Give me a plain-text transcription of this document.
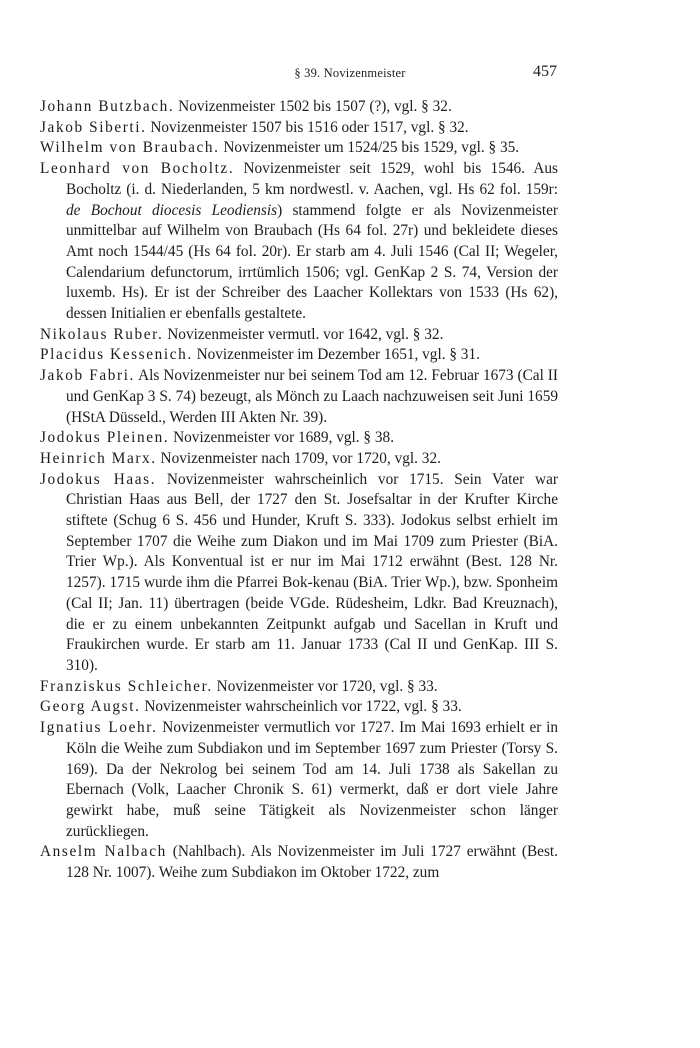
§ 39. Novizenmeister	457

Johann Butzbach. Novizenmeister 1502 bis 1507 (?), vgl. § 32.

Jakob Siberti. Novizenmeister 1507 bis 1516 oder 1517, vgl. § 32.

Wilhelm von Braubach. Novizenmeister um 1524/25 bis 1529, vgl. § 35.

Leonhard von Bocholtz. Novizenmeister seit 1529, wohl bis 1546. Aus Bocholtz (i. d. Niederlanden, 5 km nordwestl. v. Aachen, vgl. Hs 62 fol. 159r: de Bochout diocesis Leodiensis) stammend folgte er als Novizenmeister unmittelbar auf Wilhelm von Braubach (Hs 64 fol. 27r) und bekleidete dieses Amt noch 1544/45 (Hs 64 fol. 20r). Er starb am 4. Juli 1546 (Cal II; Wegeler, Calendarium defunctorum, irrtümlich 1506; vgl. GenKap 2 S. 74, Version der luxemb. Hs). Er ist der Schreiber des Laacher Kollektars von 1533 (Hs 62), dessen Initialien er ebenfalls gestaltete.

Nikolaus Ruber. Novizenmeister vermutl. vor 1642, vgl. § 32.

Placidus Kessenich. Novizenmeister im Dezember 1651, vgl. § 31.

Jakob Fabri. Als Novizenmeister nur bei seinem Tod am 12. Februar 1673 (Cal II und GenKap 3 S. 74) bezeugt, als Mönch zu Laach nachzuweisen seit Juni 1659 (HStA Düsseld., Werden III Akten Nr. 39).

Jodokus Pleinen. Novizenmeister vor 1689, vgl. § 38.

Heinrich Marx. Novizenmeister nach 1709, vor 1720, vgl. 32.

Jodokus Haas. Novizenmeister wahrscheinlich vor 1715. Sein Vater war Christian Haas aus Bell, der 1727 den St. Josefsaltar in der Krufter Kirche stiftete (Schug 6 S. 456 und Hunder, Kruft S. 333). Jodokus selbst erhielt im September 1707 die Weihe zum Diakon und im Mai 1709 zum Priester (BiA. Trier Wp.). Als Konventual ist er nur im Mai 1712 erwähnt (Best. 128 Nr. 1257). 1715 wurde ihm die Pfarrei Bok-kenau (BiA. Trier Wp.), bzw. Sponheim (Cal II; Jan. 11) übertragen (beide VGde. Rüdesheim, Ldkr. Bad Kreuznach), die er zu einem unbekannten Zeitpunkt aufgab und Sacellan in Kruft und Fraukirchen wurde. Er starb am 11. Januar 1733 (Cal II und GenKap. III S. 310).

Franziskus Schleicher. Novizenmeister vor 1720, vgl. § 33.

Georg Augst. Novizenmeister wahrscheinlich vor 1722, vgl. § 33.

Ignatius Loehr. Novizenmeister vermutlich vor 1727. Im Mai 1693 erhielt er in Köln die Weihe zum Subdiakon und im September 1697 zum Priester (Torsy S. 169). Da der Nekrolog bei seinem Tod am 14. Juli 1738 als Sakellan zu Ebernach (Volk, Laacher Chronik S. 61) vermerkt, daß er dort viele Jahre gewirkt habe, muß seine Tätigkeit als Novizenmeister schon länger zurückliegen.

Anselm Nalbach (Nahlbach). Als Novizenmeister im Juli 1727 erwähnt (Best. 128 Nr. 1007). Weihe zum Subdiakon im Oktober 1722, zum
